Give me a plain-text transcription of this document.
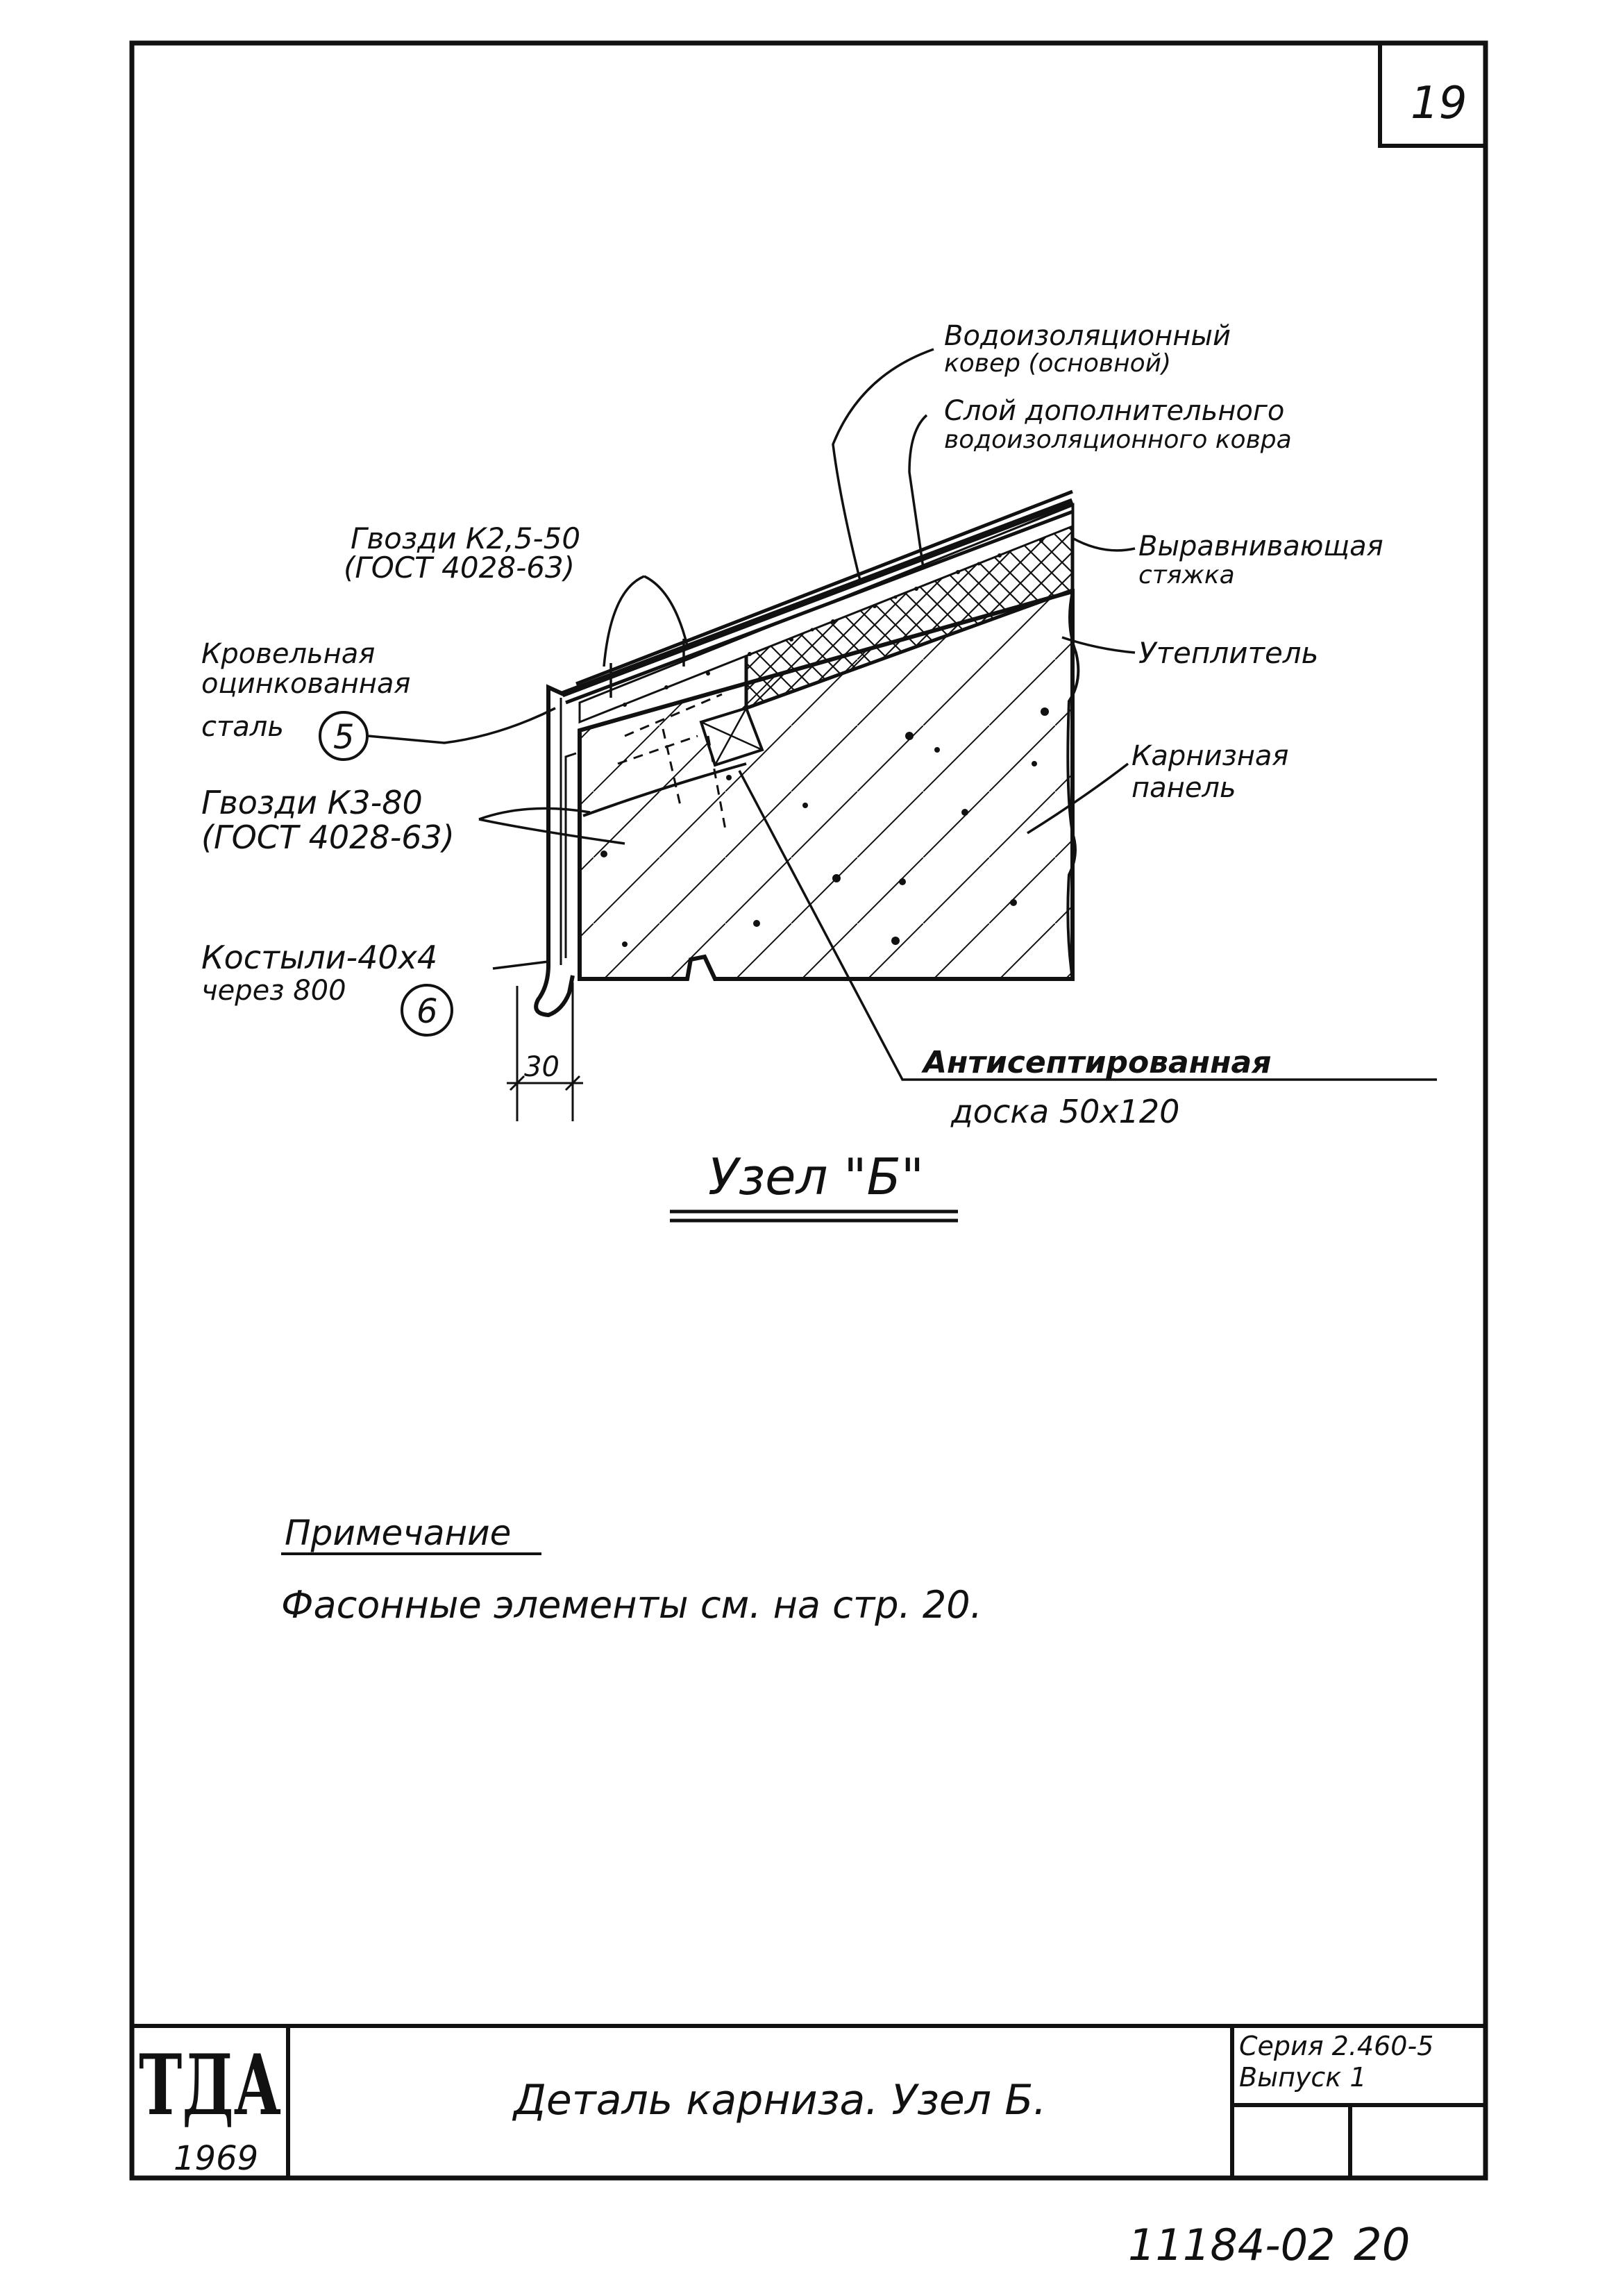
19
30
5
6
Водоизоляционный
ковер (основной)
Слой дополнительного
водоизоляционного ковра
Выравнивающая
стяжка
Утеплитель
Карнизная
панель
Гвозди К2,5-50
(ГОСТ 4028-63)
Кровельная
оцинкованная
сталь
Гвозди К3-80
(ГОСТ 4028-63)
Костыли-40х4
через 800
Антисептированная
доска 50х120
Узел "Б"
Примечание
Фасонные элементы см. на стр. 20.
ТДА
1969
Деталь карниза. Узел Б.
Серия 2.460-5
Выпуск 1
11184-02 20
